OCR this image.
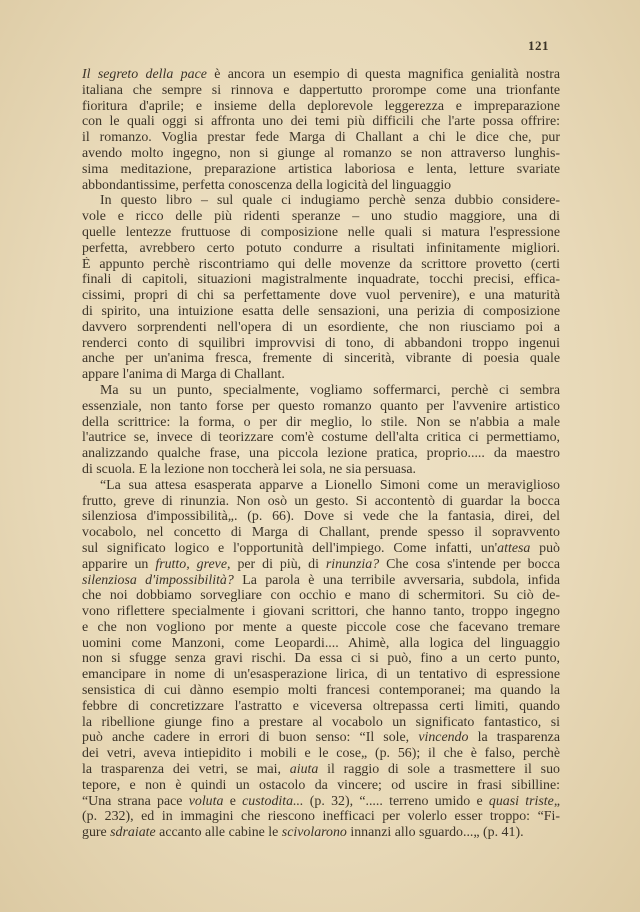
121
Il segreto della pace è ancora un esempio di questa magnifica genialità nostra
italiana che sempre si rinnova e dappertutto prorompe come una trionfante
fioritura d'aprile; e insieme della deplorevole leggerezza e impreparazione
con le quali oggi si affronta uno dei temi più difficili che l'arte possa offrire:
il romanzo. Voglia prestar fede Marga di Challant a chi le dice che, pur
avendo molto ingegno, non si giunge al romanzo se non attraverso lunghis-
sima meditazione, preparazione artistica laboriosa e lenta, letture svariate
abbondantissime, perfetta conoscenza della logicità del linguaggio
In questo libro – sul quale ci indugiamo perchè senza dubbio considere-
vole e ricco delle più ridenti speranze – uno studio maggiore, una di
quelle lentezze fruttuose di composizione nelle quali si matura l'espressione
perfetta, avrebbero certo potuto condurre a risultati infinitamente migliori.
È appunto perchè riscontriamo qui delle movenze da scrittore provetto (certi
finali di capitoli, situazioni magistralmente inquadrate, tocchi precisi, effica-
cissimi, propri di chi sa perfettamente dove vuol pervenire), e una maturità
di spirito, una intuizione esatta delle sensazioni, una perizia di composizione
davvero sorprendenti nell'opera di un esordiente, che non riusciamo poi a
renderci conto di squilibri improvvisi di tono, di abbandoni troppo ingenui
anche per un'anima fresca, fremente di sincerità, vibrante di poesia quale
appare l'anima di Marga di Challant.
Ma su un punto, specialmente, vogliamo soffermarci, perchè ci sembra
essenziale, non tanto forse per questo romanzo quanto per l'avvenire artistico
della scrittrice: la forma, o per dir meglio, lo stile. Non se n'abbia a male
l'autrice se, invece di teorizzare com'è costume dell'alta critica ci permettiamo,
analizzando qualche frase, una piccola lezione pratica, proprio..... da maestro
di scuola. E la lezione non toccherà lei sola, ne sia persuasa.
“La sua attesa esasperata apparve a Lionello Simoni come un meraviglioso
frutto, greve di rinunzia. Non osò un gesto. Si accontentò di guardar la bocca
silenziosa d'impossibilità„. (p. 66). Dove si vede che la fantasia, direi, del
vocabolo, nel concetto di Marga di Challant, prende spesso il sopravvento
sul significato logico e l'opportunità dell'impiego. Come infatti, un'attesa può
apparire un frutto, greve, per di più, di rinunzia? Che cosa s'intende per bocca
silenziosa d'impossibilità? La parola è una terribile avversaria, subdola, infida
che noi dobbiamo sorvegliare con occhio e mano di schermitori. Su ciò de-
vono riflettere specialmente i giovani scrittori, che hanno tanto, troppo ingegno
e che non vogliono por mente a queste piccole cose che facevano tremare
uomini come Manzoni, come Leopardi.... Ahimè, alla logica del linguaggio
non si sfugge senza gravi rischi. Da essa ci si può, fino a un certo punto,
emancipare in nome di un'esasperazione lirica, di un tentativo di espressione
sensistica di cui dànno esempio molti francesi contemporanei; ma quando la
febbre di concretizzare l'astratto e viceversa oltrepassa certi limiti, quando
la ribellione giunge fino a prestare al vocabolo un significato fantastico, si
può anche cadere in errori di buon senso: “Il sole, vincendo la trasparenza
dei vetri, aveva intiepidito i mobili e le cose„ (p. 56); il che è falso, perchè
la trasparenza dei vetri, se mai, aiuta il raggio di sole a trasmettere il suo
tepore, e non è quindi un ostacolo da vincere; od uscire in frasi sibilline:
“Una strana pace voluta e custodita... (p. 32), “..... terreno umido e quasi triste„
(p. 232), ed in immagini che riescono inefficaci per volerlo esser troppo: “Fi-
gure sdraiate accanto alle cabine le scivolarono innanzi allo sguardo...„ (p. 41).
